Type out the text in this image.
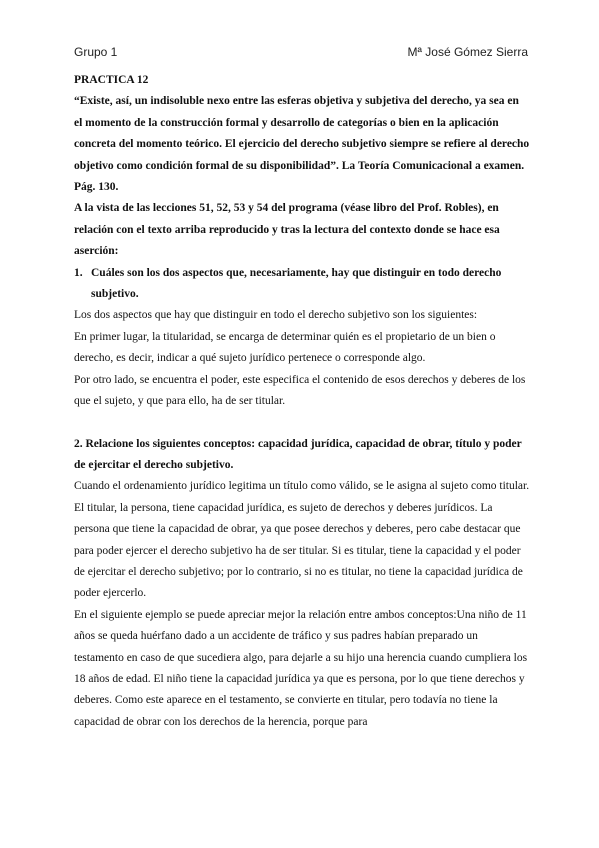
Grupo 1	Mª José Gómez Sierra

PRACTICA 12

“Existe, así, un indisoluble nexo entre las esferas objetiva y subjetiva del derecho, ya sea en el momento de la construcción formal y desarrollo de categorías o bien en la aplicación concreta del momento teórico. El ejercicio del derecho subjetivo siempre se refiere al derecho objetivo como condición formal de su disponibilidad”. La Teoría Comunicacional a examen. Pág. 130.

A la vista de las lecciones 51, 52, 53 y 54 del programa (véase libro del Prof. Robles), en relación con el texto arriba reproducido y tras la lectura del contexto donde se hace esa aserción:

1. Cuáles son los dos aspectos que, necesariamente, hay que distinguir en todo derecho subjetivo.

Los dos aspectos que hay que distinguir en todo el derecho subjetivo son los siguientes:

En primer lugar, la titularidad, se encarga de determinar quién es el propietario de un bien o derecho, es decir, indicar a qué sujeto jurídico pertenece o corresponde algo.

Por otro lado, se encuentra el poder, este especifica el contenido de esos derechos y deberes de los que el sujeto, y que para ello, ha de ser titular.

2. Relacione los siguientes conceptos: capacidad jurídica, capacidad de obrar, título y poder de ejercitar el derecho subjetivo.

Cuando el ordenamiento jurídico legitima un título como válido, se le asigna al sujeto como titular. El titular, la persona, tiene capacidad jurídica, es sujeto de derechos y deberes jurídicos. La persona que tiene la capacidad de obrar, ya que posee derechos y deberes, pero cabe destacar que para poder ejercer el derecho subjetivo ha de ser titular. Si es titular, tiene la capacidad y el poder de ejercitar el derecho subjetivo; por lo contrario, si no es titular, no tiene la capacidad jurídica de poder ejercerlo.

En el siguiente ejemplo se puede apreciar mejor la relación entre ambos conceptos:Una niño de 11 años se queda huérfano dado a un accidente de tráfico y sus padres habían preparado un testamento en caso de que sucediera algo, para dejarle a su hijo una herencia cuando cumpliera los 18 años de edad. El niño tiene la capacidad jurídica ya que es persona, por lo que tiene derechos y deberes. Como este aparece en el testamento, se convierte en titular, pero todavía no tiene la capacidad de obrar con los derechos de la herencia, porque para
